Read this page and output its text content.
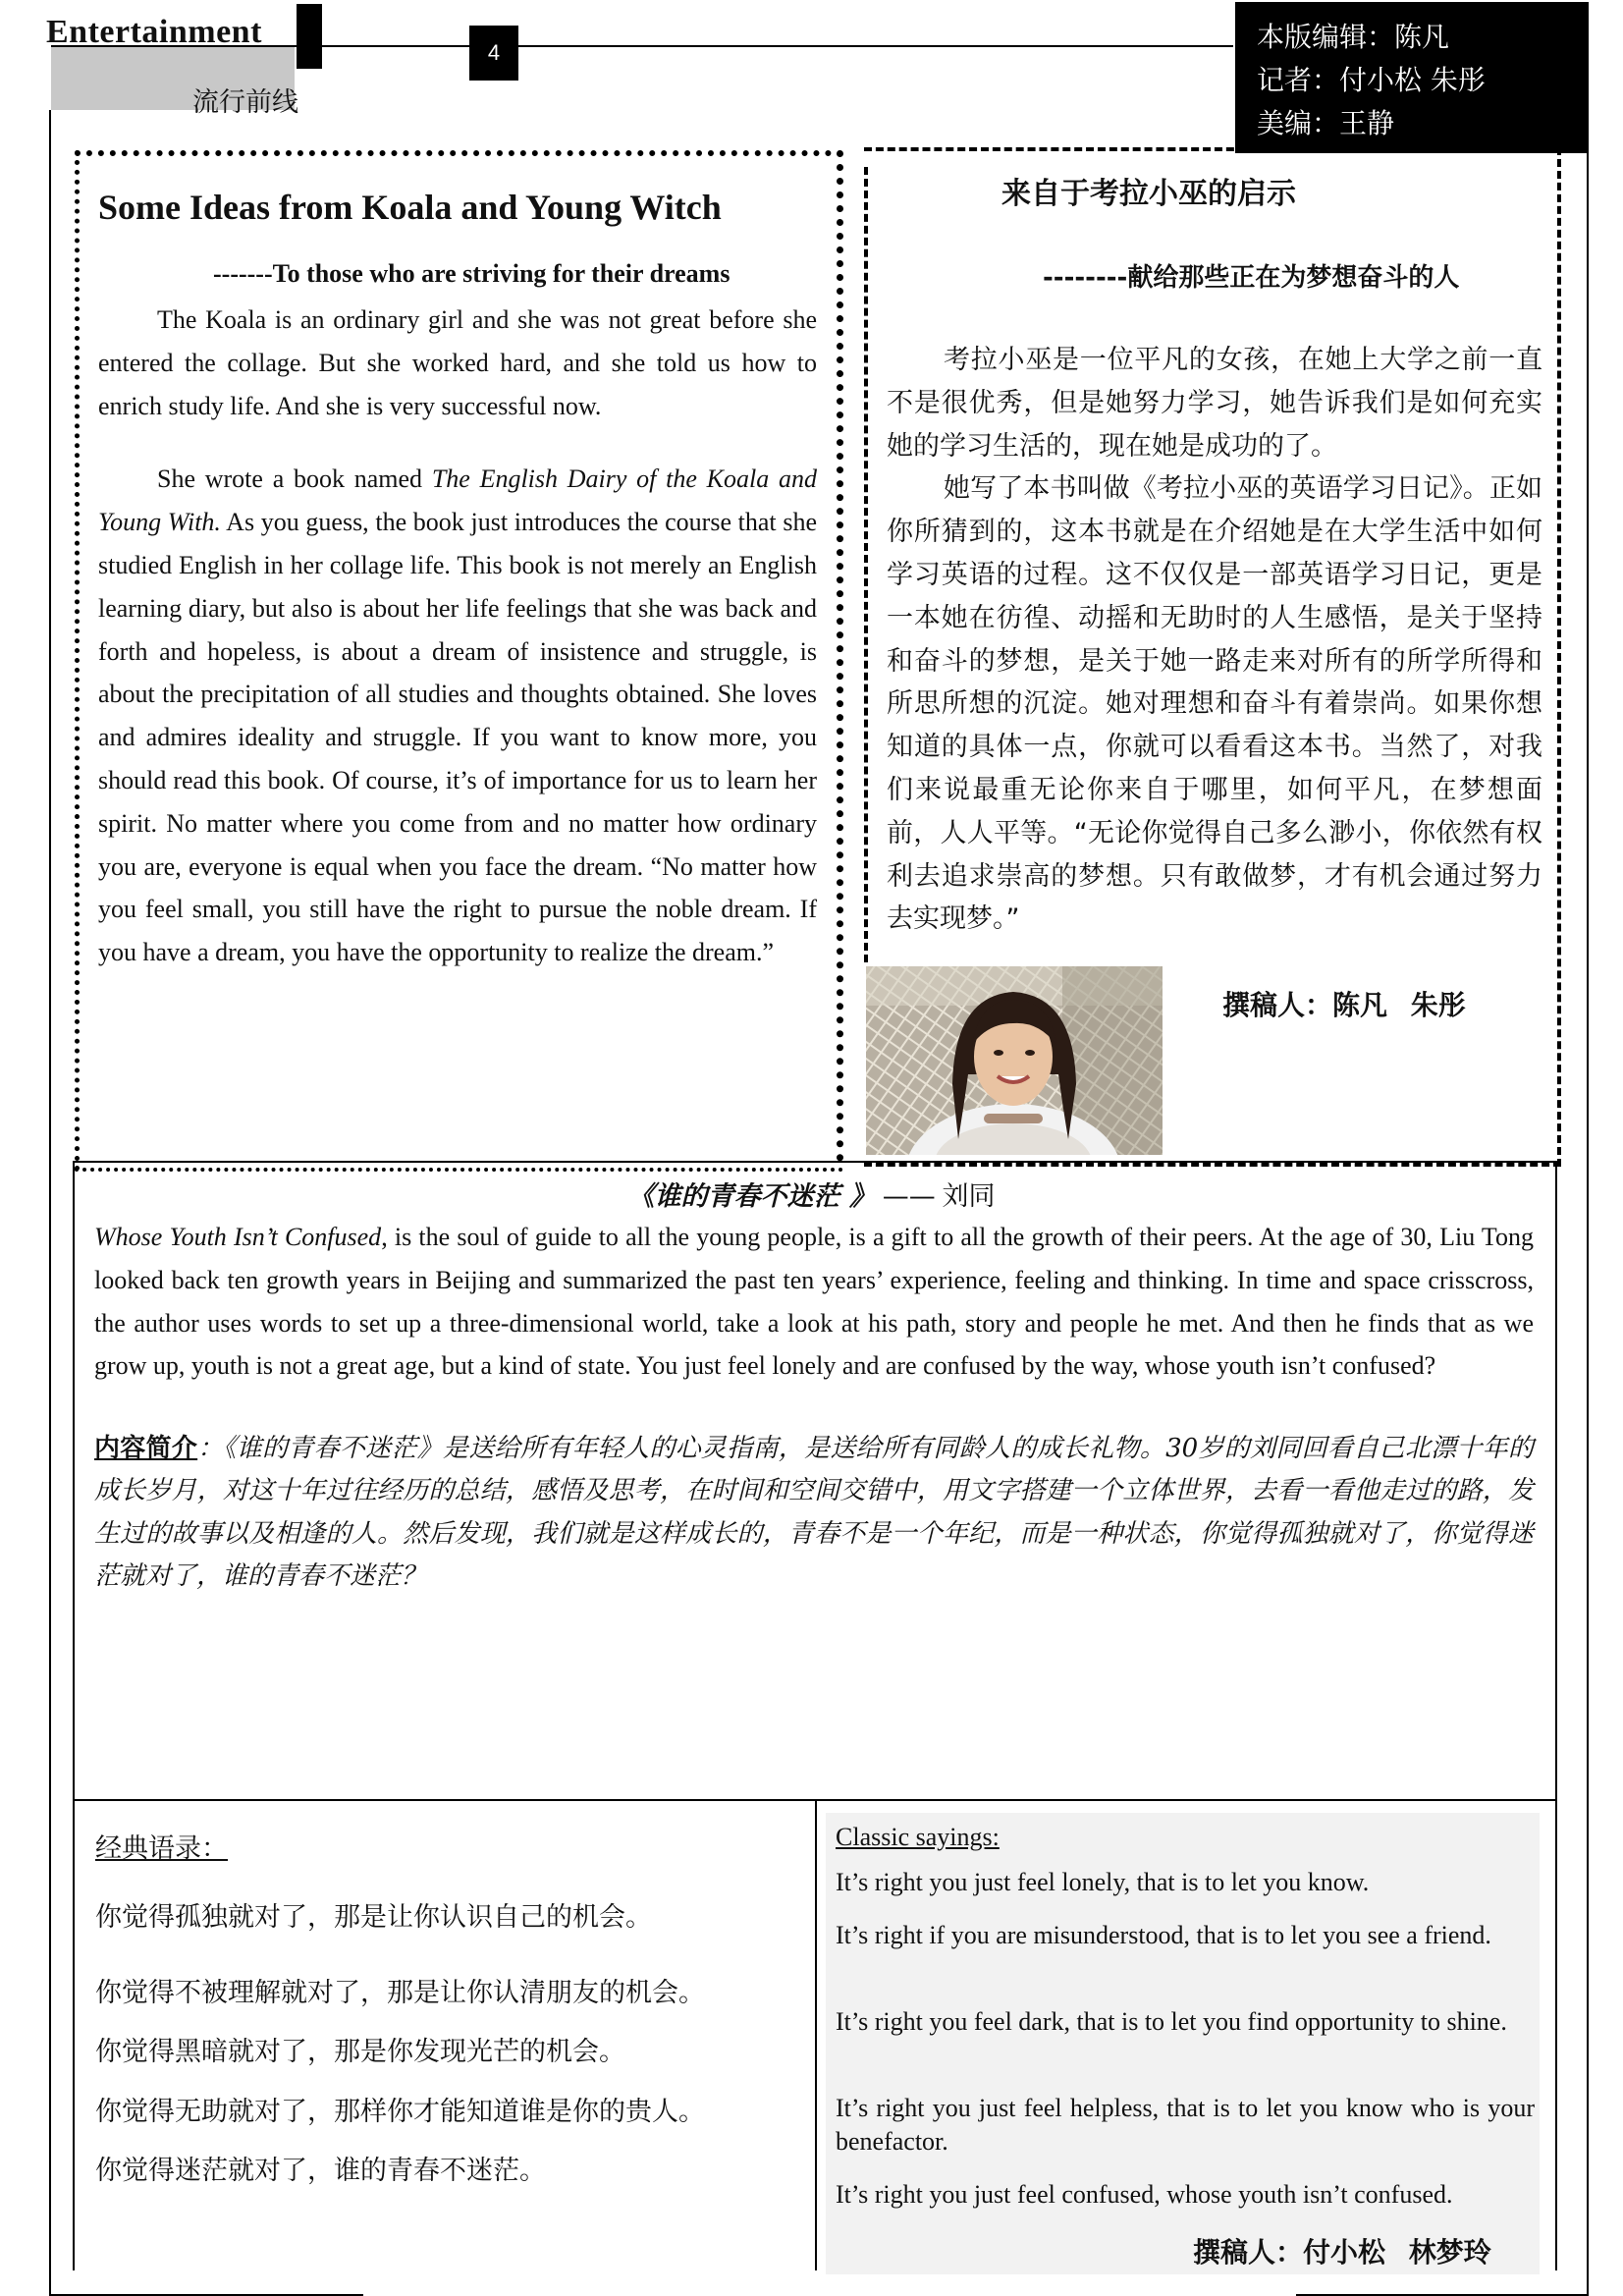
Entertainment
流行前线
4	本版编辑：陈凡
记者：付小松 朱彤
美编：王静
Some Ideas from Koala and Young Witch
-------To those who are striving for their dreams

The Koala is an ordinary girl and she was not great before she entered the collage. But she worked hard, and she told us how to enrich study life. And she is very successful now.

She wrote a book named The English Dairy of the Koala and Young With. As you guess, the book just introduces the course that she studied English in her collage life. This book is not merely an English learning diary, but also is about her life feelings that she was back and forth and hopeless, is about a dream of insistence and struggle, is about the precipitation of all studies and thoughts obtained. She loves and admires ideality and struggle. If you want to know more, you should read this book. Of course, it’s of importance for us to learn her spirit. No matter where you come from and no matter how ordinary you are, everyone is equal when you face the dream. “No matter how you feel small, you still have the right to pursue the noble dream. If you have a dream, you have the opportunity to realize the dream.”

来自于考拉小巫的启示
--------献给那些正在为梦想奋斗的人

考拉小巫是一位平凡的女孩，在她上大学之前一直不是很优秀，但是她努力学习，她告诉我们是如何充实她的学习生活的，现在她是成功的了。

她写了本书叫做《考拉小巫的英语学习日记》。正如你所猜到的，这本书就是在介绍她是在大学生活中如何学习英语的过程。这不仅仅是一部英语学习日记，更是一本她在彷徨、动摇和无助时的人生感悟，是关于坚持和奋斗的梦想，是关于她一路走来对所有的所学所得和所思所想的沉淀。她对理想和奋斗有着崇尚。如果你想知道的具体一点，你就可以看看这本书。当然了，对我们来说最重无论你来自于哪里，如何平凡，在梦想面前，人人平等。“无论你觉得自己多么渺小，你依然有权利去追求崇高的梦想。只有敢做梦，才有机会通过努力去实现梦。”

撰稿人：陈凡 朱彤
《谁的青春不迷茫 》 —— 刘同
Whose Youth Isn’t Confused, is the soul of guide to all the young people, is a gift to all the growth of their peers. At the age of 30, Liu Tong looked back ten growth years in Beijing and summarized the past ten years’ experience, feeling and thinking. In time and space crisscross, the author uses words to set up a three-dimensional world, take a look at his path, story and people he met. And then he finds that as we grow up, youth is not a great age, but a kind of state. You just feel lonely and are confused by the way, whose youth isn’t confused?
内容简介：《谁的青春不迷茫》是送给所有年轻人的心灵指南，是送给所有同龄人的成长礼物。30岁的刘同回看自己北漂十年的成长岁月，对这十年过往经历的总结，感悟及思考，在时间和空间交错中，用文字搭建一个立体世界，去看一看他走过的路，发生过的故事以及相逢的人。然后发现，我们就是这样成长的，青春不是一个年纪，而是一种状态，你觉得孤独就对了，你觉得迷茫就对了，谁的青春不迷茫？
经典语录：
你觉得孤独就对了，那是让你认识自己的机会。
你觉得不被理解就对了，那是让你认清朋友的机会。
你觉得黑暗就对了，那是你发现光芒的机会。
你觉得无助就对了，那样你才能知道谁是你的贵人。
你觉得迷茫就对了，谁的青春不迷茫。
Classic sayings:
It’s right you just feel lonely, that is to let you know.
It’s right if you are misunderstood, that is to let you see a friend.
It’s right you feel dark, that is to let you find opportunity to shine.
It’s right you just feel helpless, that is to let you know who is your benefactor.
It’s right you just feel confused, whose youth isn’t confused.
撰稿人：付小松 林梦玲
